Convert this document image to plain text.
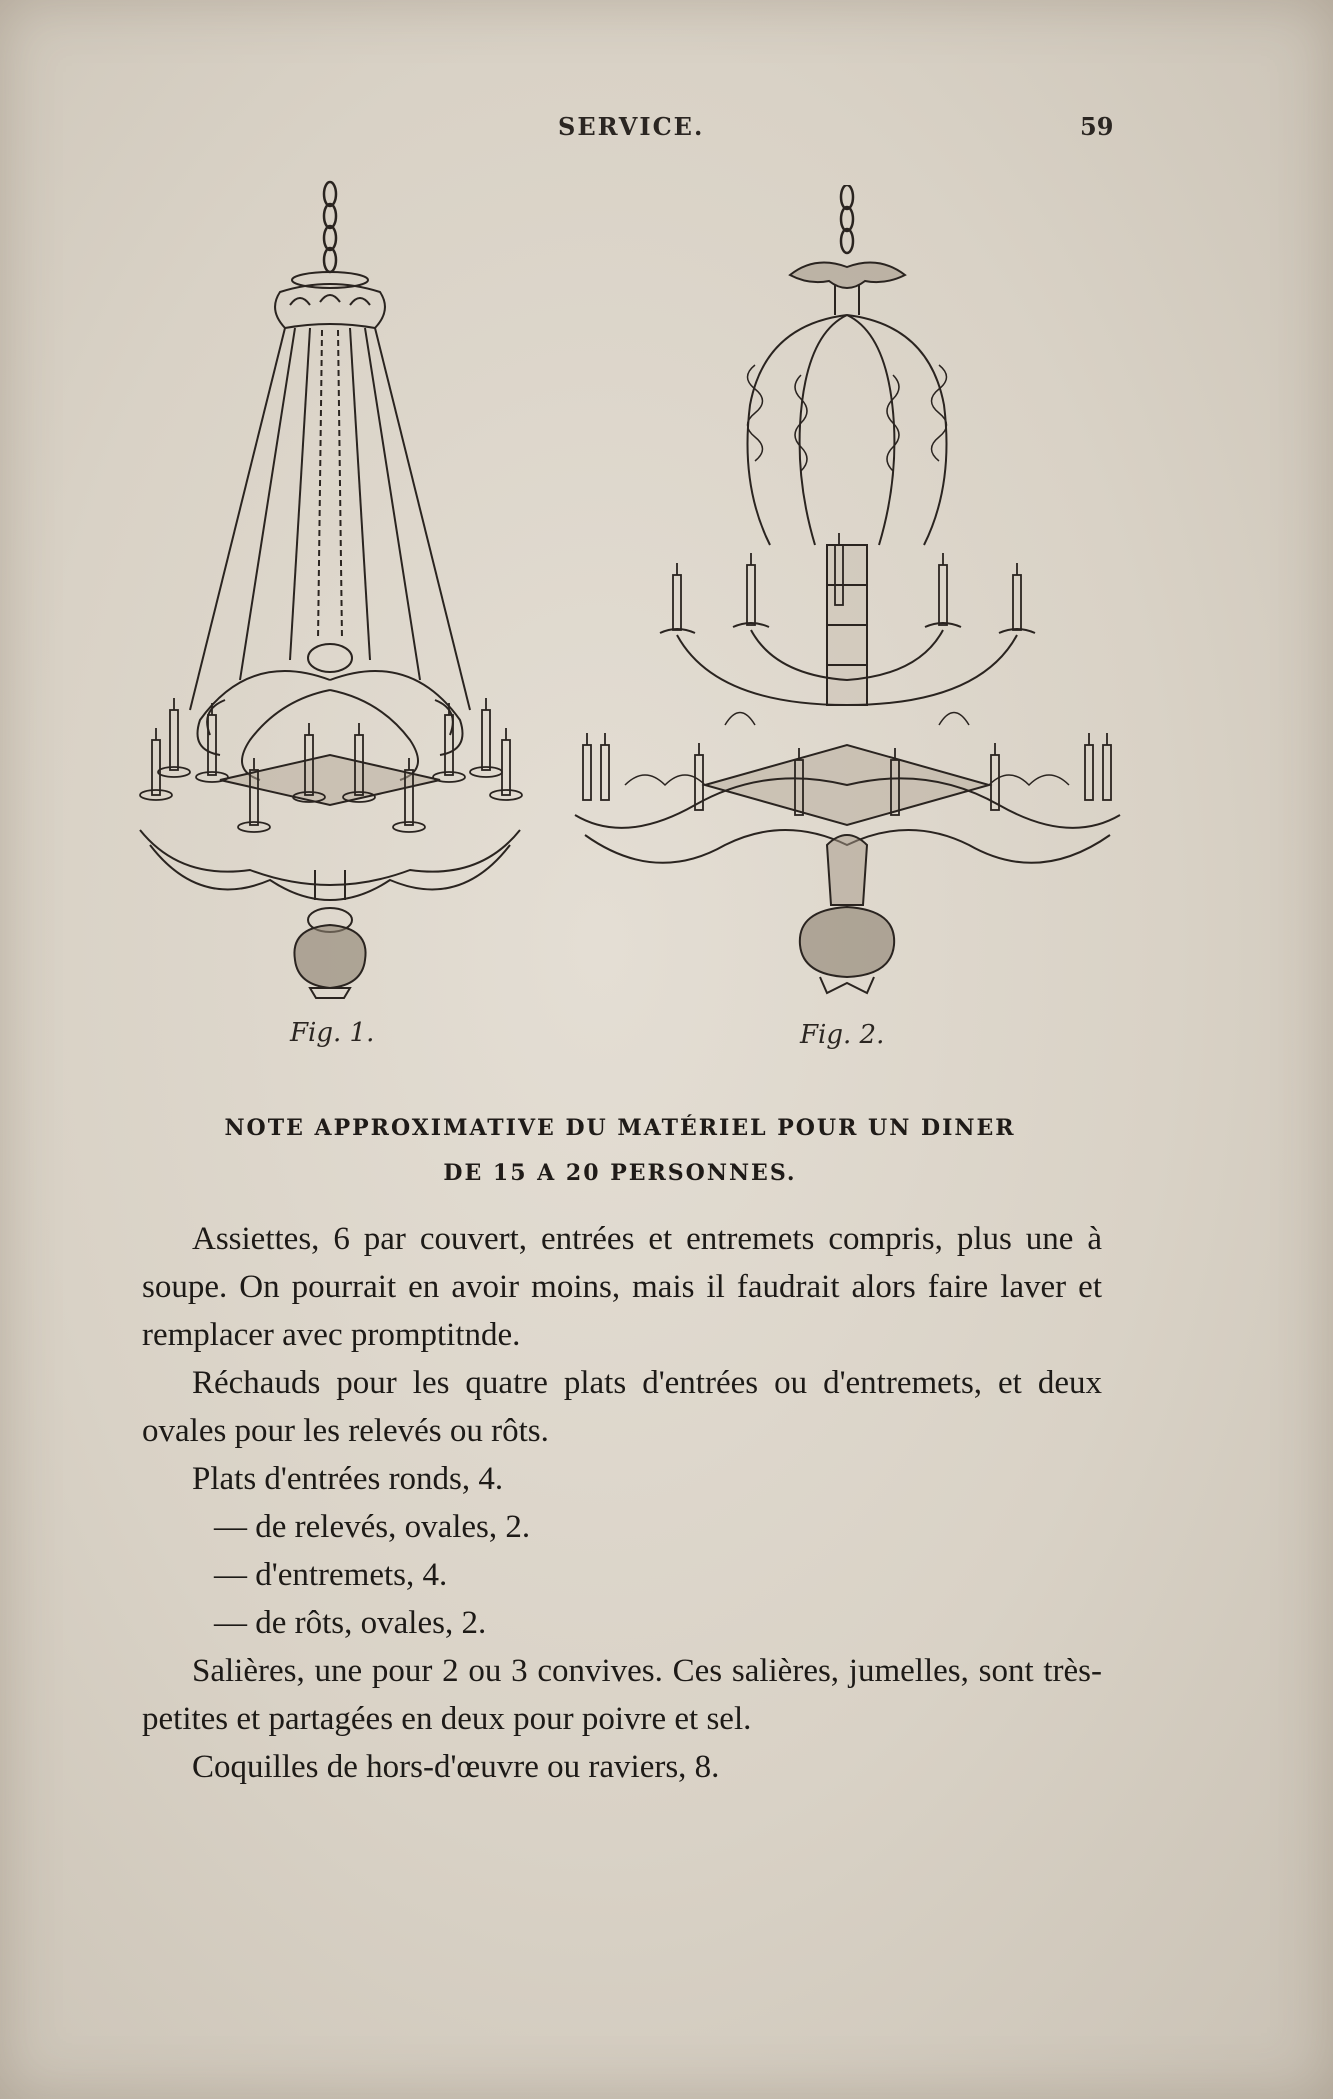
SERVICE.	59
Fig. 1.	Fig. 2.
NOTE APPROXIMATIVE DU MATÉRIEL POUR UN DINER
DE 15 A 20 PERSONNES.

Assiettes, 6 par couvert, entrées et entremets compris, plus une à soupe. On pourrait en avoir moins, mais il faudrait alors faire laver et remplacer avec promptitnde.

Réchauds pour les quatre plats d'entrées ou d'entremets, et deux ovales pour les relevés ou rôts.

Plats d'entrées ronds, 4.

— de relevés, ovales, 2.

— d'entremets, 4.

— de rôts, ovales, 2.

Salières, une pour 2 ou 3 convives. Ces salières, jumelles, sont très-petites et partagées en deux pour poivre et sel.

Coquilles de hors-d'œuvre ou raviers, 8.
